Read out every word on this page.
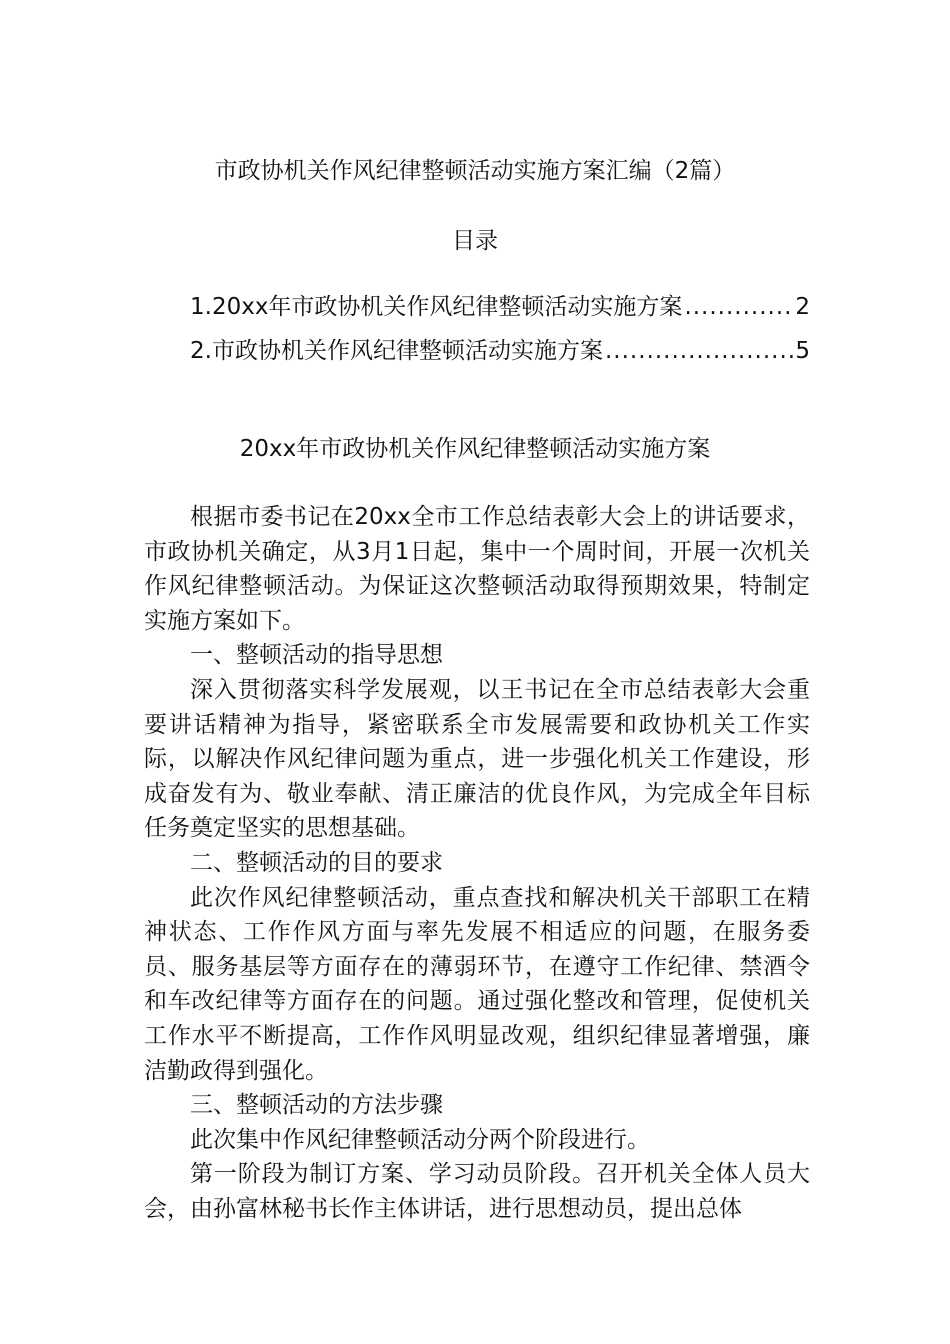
市政协机关作风纪律整顿活动实施方案汇编（2篇）
目录
1.20xx年市政协机关作风纪律整顿活动实施方案 .....	2
2.市政协机关作风纪律整顿活动实施方案 .....	5
20xx年市政协机关作风纪律整顿活动实施方案

根据市委书记在20xx全市工作总结表彰大会上的讲话要求，市政协机关确定，从3月1日起，集中一个周时间，开展一次机关作风纪律整顿活动。为保证这次整顿活动取得预期效果，特制定实施方案如下。

一、整顿活动的指导思想

深入贯彻落实科学发展观，以王书记在全市总结表彰大会重要讲话精神为指导，紧密联系全市发展需要和政协机关工作实际，以解决作风纪律问题为重点，进一步强化机关工作建设，形成奋发有为、敬业奉献、清正廉洁的优良作风，为完成全年目标任务奠定坚实的思想基础。

二、整顿活动的目的要求

此次作风纪律整顿活动，重点查找和解决机关干部职工在精神状态、工作作风方面与率先发展不相适应的问题，在服务委员、服务基层等方面存在的薄弱环节，在遵守工作纪律、禁酒令和车改纪律等方面存在的问题。通过强化整改和管理，促使机关工作水平不断提高，工作作风明显改观，组织纪律显著增强，廉洁勤政得到强化。

三、整顿活动的方法步骤

此次集中作风纪律整顿活动分两个阶段进行。

第一阶段为制订方案、学习动员阶段。召开机关全体人员大会，由孙富林秘书长作主体讲话，进行思想动员，提出总体
